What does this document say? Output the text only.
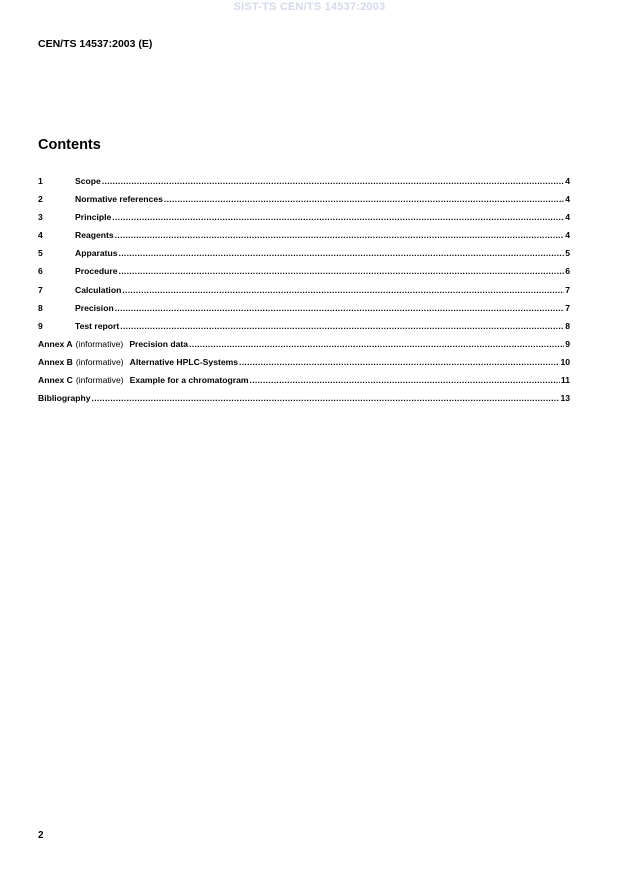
SIST-TS CEN/TS 14537:2003
CEN/TS 14537:2003 (E)
Contents
1	Scope .....	4
2	Normative references .....	4
3	Principle .....	4
4	Reagents .....	4
5	Apparatus .....	5
6	Procedure .....	6
7	Calculation .....	7
8	Precision .....	7
9	Test report .....	8
Annex A (informative) Precision data .....	9
Annex B (informative) Alternative HPLC-Systems .....	10
Annex C (informative) Example for a chromatogram .....	11
Bibliography .....	13
2
